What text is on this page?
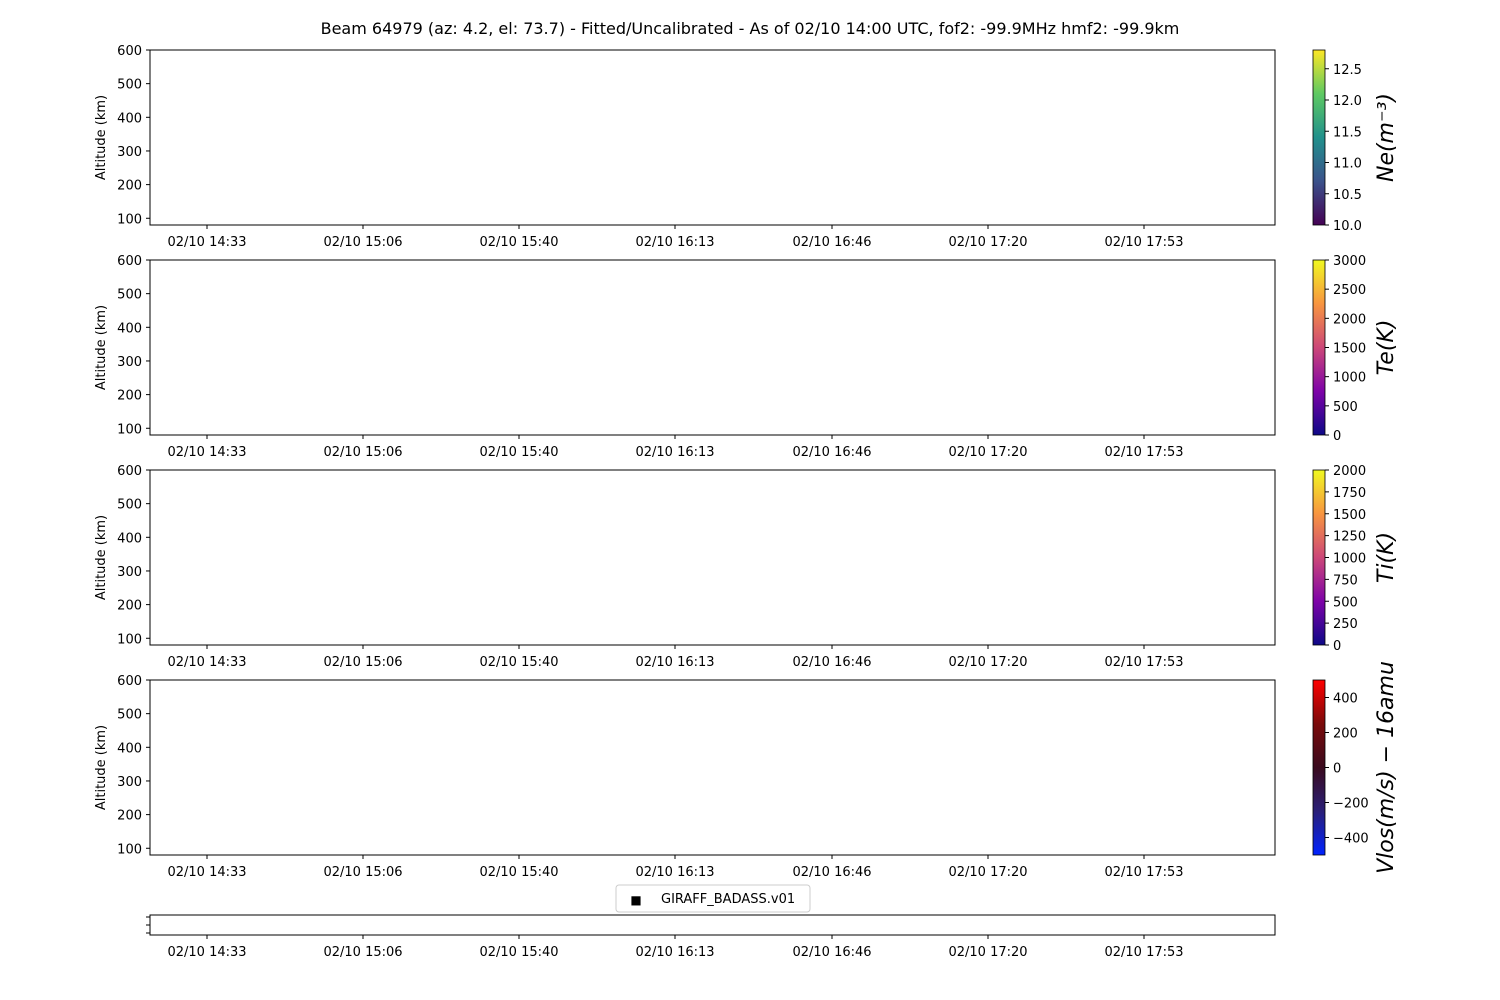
Beam 64979 (az: 4.2, el: 73.7) - Fitted/Uncalibrated - As of 02/10 14:00 UTC, fof2: -99.9MHz hmf2: -99.9km
600
500
400
300
200
100
Altitude (km)
02/10 14:33	02/10 15:06	02/10 15:40	02/10 16:13	02/10 16:46	02/10 17:20	02/10 17:53
12.5
12.0
11.5
11.0
10.5
10.0
Ne(m⁻³)
600
500
400
300
200
100
Altitude (km)
02/10 14:33	02/10 15:06	02/10 15:40	02/10 16:13	02/10 16:46	02/10 17:20	02/10 17:53
3000
2500
2000
1500
1000
500
0
Te(K)
600
500
400
300
200
100
Altitude (km)
02/10 14:33	02/10 15:06	02/10 15:40	02/10 16:13	02/10 16:46	02/10 17:20	02/10 17:53
2000
1750
1500
1250
1000
750
500
250
0
Ti(K)
600
500
400
300
200
100
Altitude (km)
02/10 14:33	02/10 15:06	02/10 15:40	02/10 16:13	02/10 16:46	02/10 17:20	02/10 17:53
400
200
0
−200
−400 Vlos(m/s) − 16amu
■ GIRAFF_BADASS.v01
02/10 14:33	02/10 15:06	02/10 15:40	02/10 16:13	02/10 16:46	02/10 17:20	02/10 17:53
